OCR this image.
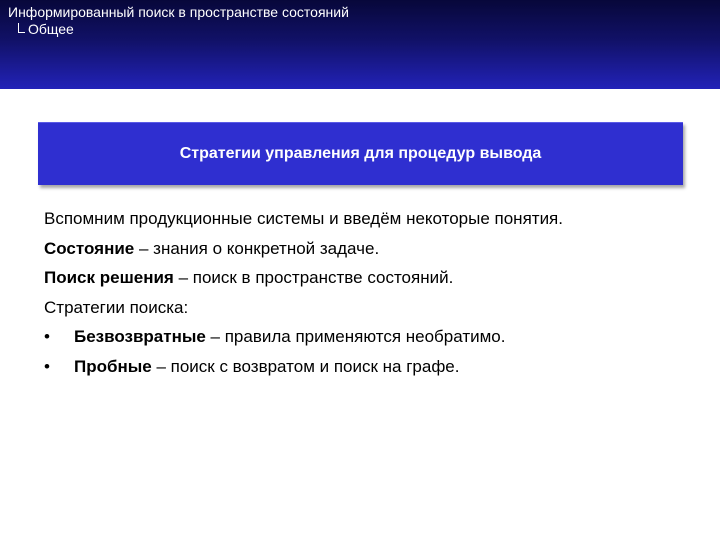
Информированный поиск в пространстве состояний
Общее
Стратегии управления для процедур вывода
Вспомним продукционные системы и введём некоторые понятия.
Состояние – знания о конкретной задаче.
Поиск решения – поиск в пространстве состояний.
Стратегии поиска:
•	Безвозвратные – правила применяются необратимо.
•	Пробные – поиск с возвратом и поиск на графе.
